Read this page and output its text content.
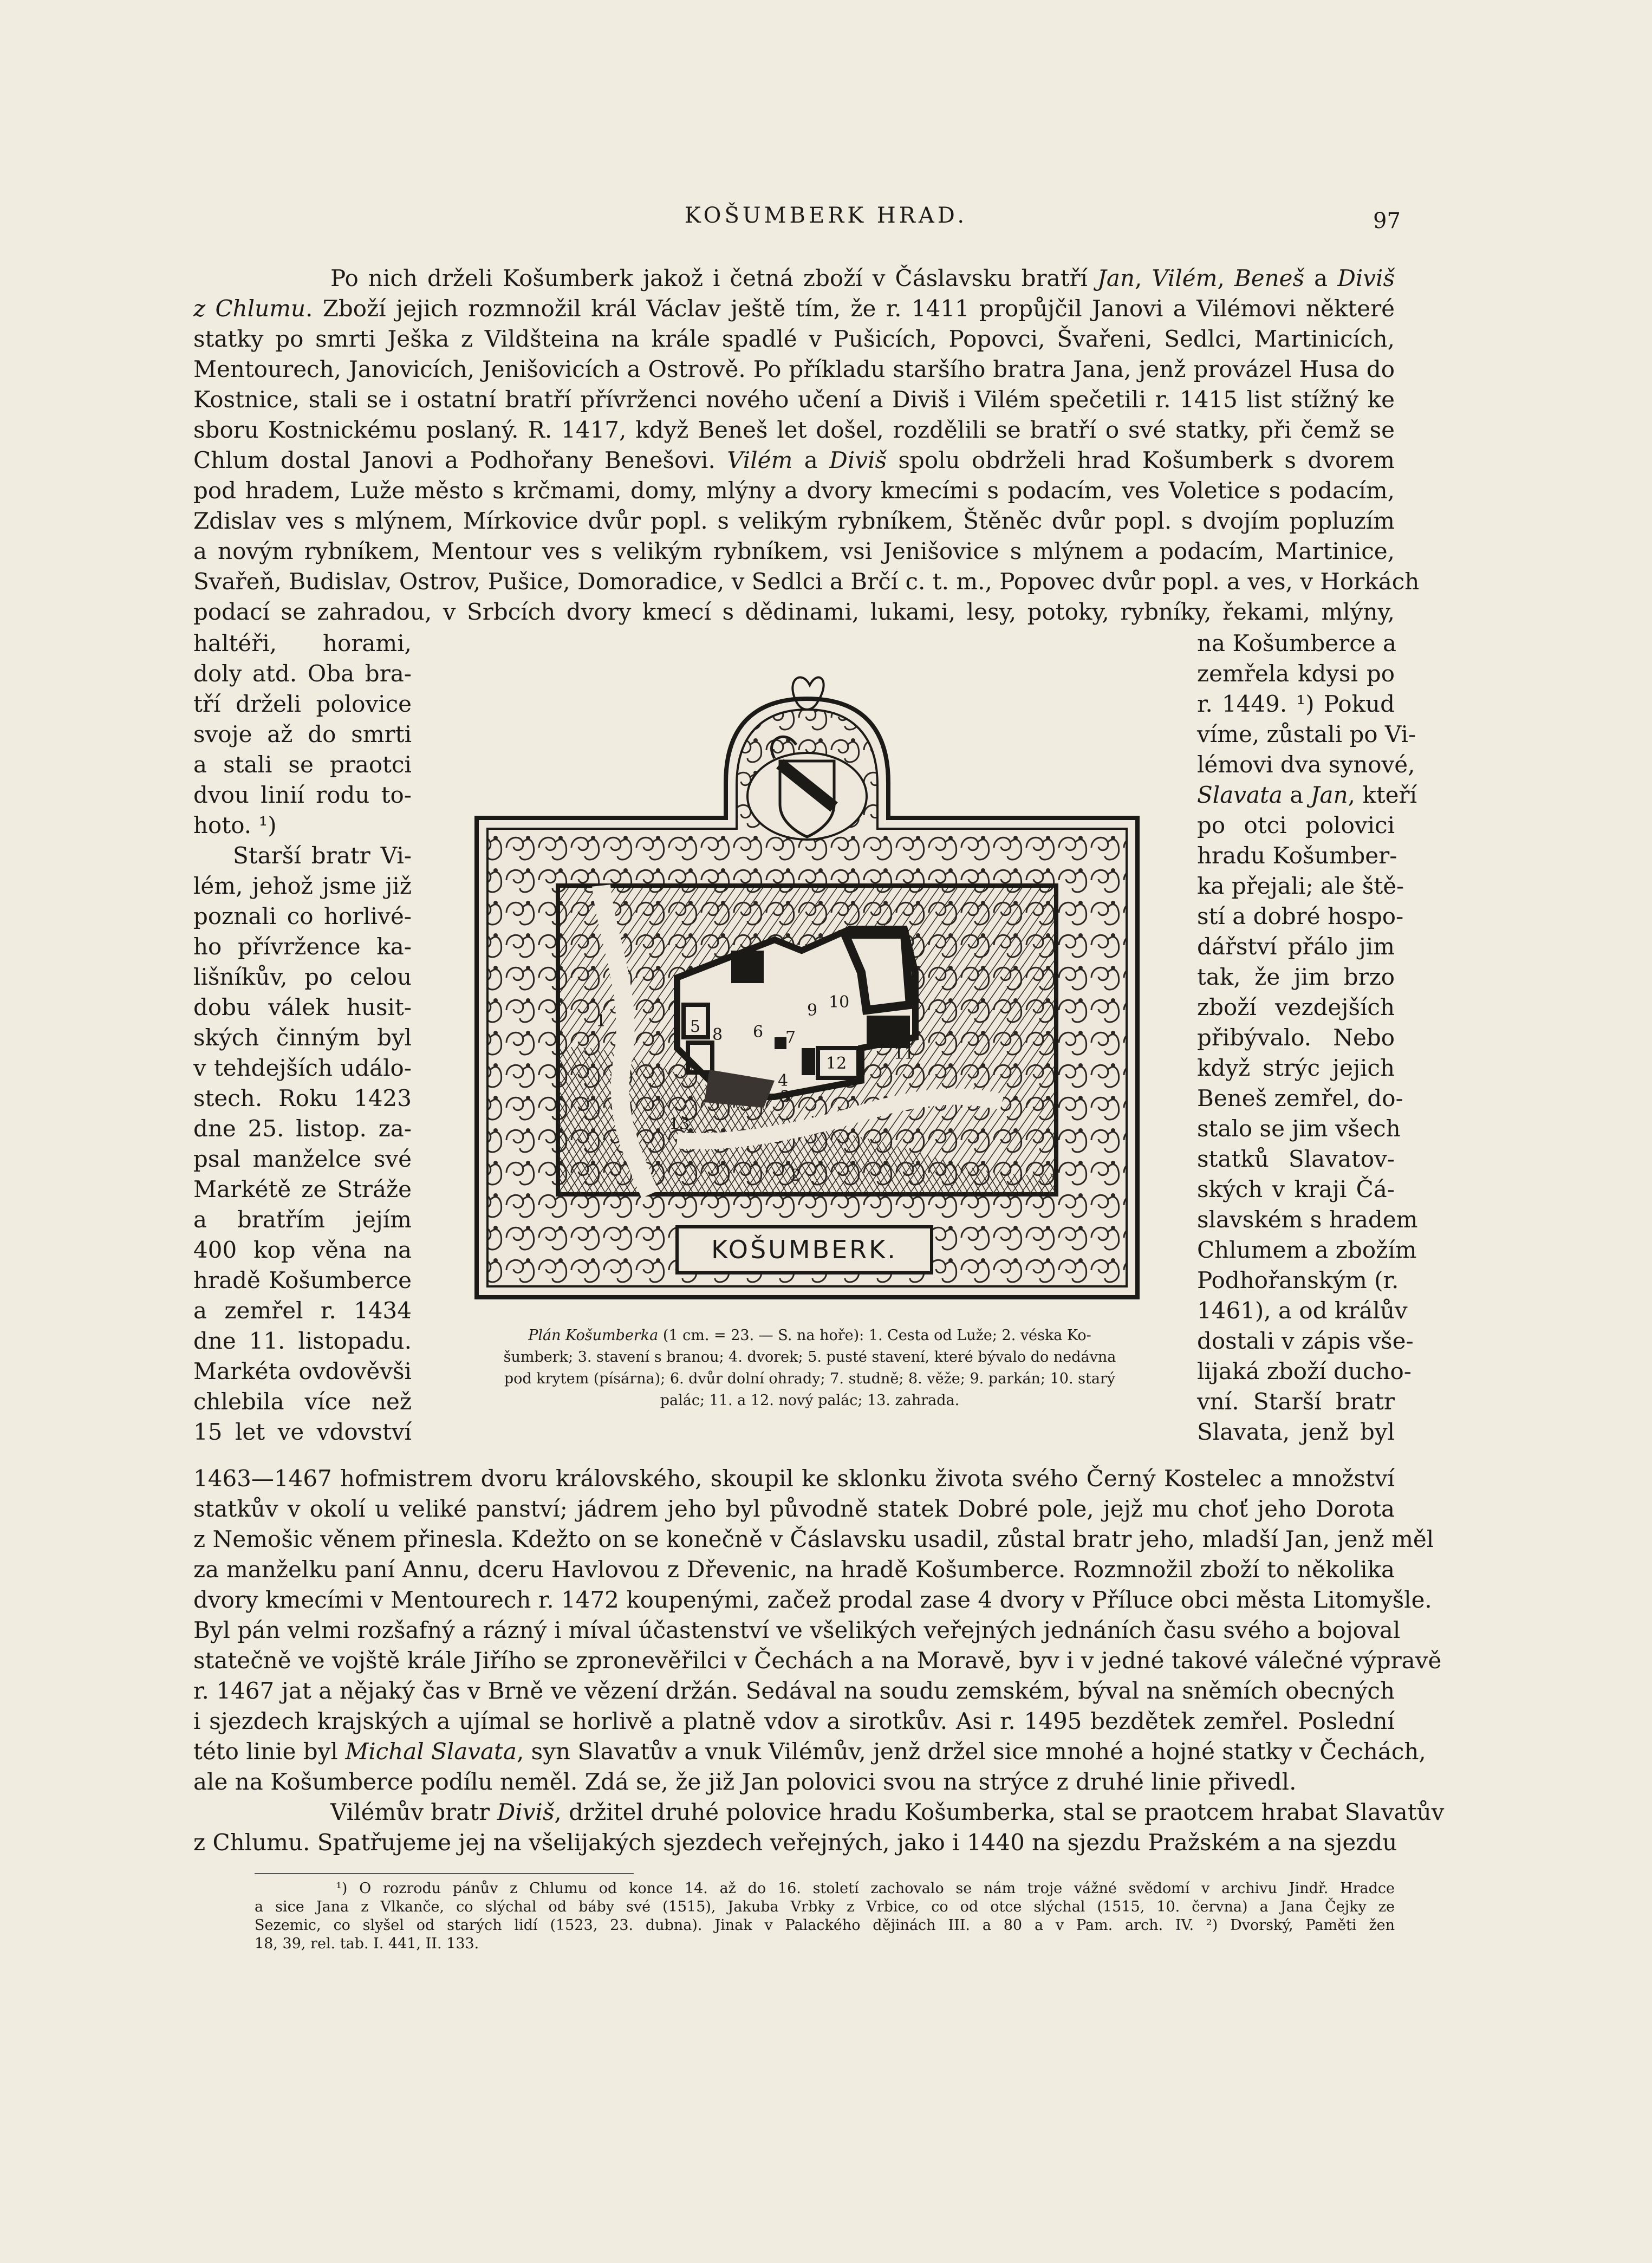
KOŠUMBERK HRAD.	97
Po nich drželi Košumberk jakož i četná zboží v Čáslavsku bratří Jan, Vilém, Beneš a Diviš
z Chlumu. Zboží jejich rozmnožil král Václav ještě tím, že r. 1411 propůjčil Janovi a Vilémovi některé
statky po smrti Ješka z Vildšteina na krále spadlé v Pušicích, Popovci, Švařeni, Sedlci, Martinicích,
Mentourech, Janovicích, Jenišovicích a Ostrově. Po příkladu staršího bratra Jana, jenž provázel Husa do
Kostnice, stali se i ostatní bratří přívrženci nového učení a Diviš i Vilém spečetili r. 1415 list stížný ke
sboru Kostnickému poslaný. R. 1417, když Beneš let došel, rozdělili se bratří o své statky, při čemž se
Chlum dostal Janovi a Podhořany Benešovi. Vilém a Diviš spolu obdrželi hrad Košumberk s dvorem
pod hradem, Luže město s krčmami, domy, mlýny a dvory kmecími s podacím, ves Voletice s podacím,
Zdislav ves s mlýnem, Mírkovice dvůr popl. s velikým rybníkem, Štěněc dvůr popl. s dvojím popluzím
a novým rybníkem, Mentour ves s velikým rybníkem, vsi Jenišovice s mlýnem a podacím, Martinice,
Svařeň, Budislav, Ostrov, Pušice, Domoradice, v Sedlci a Brčí c. t. m., Popovec dvůr popl. a ves, v Horkách
podací se zahradou, v Srbcích dvory kmecí s dědinami, lukami, lesy, potoky, rybníky, řekami, mlýny,
haltéři, horami,
doly atd. Oba bra-
tří drželi polovice
svoje až do smrti
a stali se praotci
dvou linií rodu to-
hoto. ¹)
Starší bratr Vi-
lém, jehož jsme již
poznali co horlivé-
ho přívržence ka-
lišníkův, po celou
dobu válek husit-
ských činným byl
v tehdejších událo-
stech. Roku 1423
dne 25. listop. za-
psal manželce své
Markétě ze Stráže
a bratřím jejím
400 kop věna na
hradě Košumberce
a zemřel r. 1434
dne 11. listopadu.
Markéta ovdověvši
chlebila více než
15 let ve vdovství
na Košumberce a
zemřela kdysi po
r. 1449. ¹) Pokud
víme, zůstali po Vi-
lémovi dva synové,
Slavata a Jan, kteří
po otci polovici
hradu Košumber-
ka přejali; ale ště-
stí a dobré hospo-
dářství přálo jim
tak, že jim brzo
zboží vezdejších
přibývalo. Nebo
když strýc jejich
Beneš zemřel, do-
stalo se jim všech
statků Slavatov-
ských v kraji Čá-
slavském s hradem
Chlumem a zbožím
Podhořanským (r.
1461), a od králův
dostali v zápis vše-
lijaká zboží ducho-
vní. Starší bratr
Slavata, jenž byl
1
2
3
4
5	6 7
8
9 10
11
12
13
KOŠUMBERK.
Plán Košumberka (1 cm. = 23. — S. na hoře): 1. Cesta od Luže; 2. véska Ko-
šumberk; 3. stavení s branou; 4. dvorek; 5. pusté stavení, které bývalo do nedávna
pod krytem (písárna); 6. dvůr dolní ohrady; 7. studně; 8. věže; 9. parkán; 10. starý
palác; 11. a 12. nový palác; 13. zahrada.
1463—1467 hofmistrem dvoru královského, skoupil ke sklonku života svého Černý Kostelec a množství
statkův v okolí u veliké panství; jádrem jeho byl původně statek Dobré pole, jejž mu choť jeho Dorota
z Nemošic věnem přinesla. Kdežto on se konečně v Čáslavsku usadil, zůstal bratr jeho, mladší Jan, jenž měl
za manželku paní Annu, dceru Havlovou z Dřevenic, na hradě Košumberce. Rozmnožil zboží to několika
dvory kmecími v Mentourech r. 1472 koupenými, začež prodal zase 4 dvory v Příluce obci města Litomyšle.
Byl pán velmi rozšafný a rázný i míval účastenství ve všelikých veřejných jednáních času svého a bojoval
statečně ve vojště krále Jiřího se zpronevěřilci v Čechách a na Moravě, byv i v jedné takové válečné výpravě
r. 1467 jat a nějaký čas v Brně ve vězení držán. Sedával na soudu zemském, býval na sněmích obecných
i sjezdech krajských a ujímal se horlivě a platně vdov a sirotkův. Asi r. 1495 bezdětek zemřel. Poslední
této linie byl Michal Slavata, syn Slavatův a vnuk Vilémův, jenž držel sice mnohé a hojné statky v Čechách,
ale na Košumberce podílu neměl. Zdá se, že již Jan polovici svou na strýce z druhé linie přivedl.
Vilémův bratr Diviš, držitel druhé polovice hradu Košumberka, stal se praotcem hrabat Slavatův
z Chlumu. Spatřujeme jej na všelijakých sjezdech veřejných, jako i 1440 na sjezdu Pražském a na sjezdu
¹) O rozrodu pánův z Chlumu od konce 14. až do 16. století zachovalo se nám troje vážné svědomí v archivu Jindř. Hradce
a sice Jana z Vlkanče, co slýchal od báby své (1515), Jakuba Vrbky z Vrbice, co od otce slýchal (1515, 10. června) a Jana Čejky ze
Sezemic, co slyšel od starých lidí (1523, 23. dubna). Jinak v Palackého dějinách III. a 80 a v Pam. arch. IV. ²) Dvorský, Paměti žen
18, 39, rel. tab. I. 441, II. 133.
